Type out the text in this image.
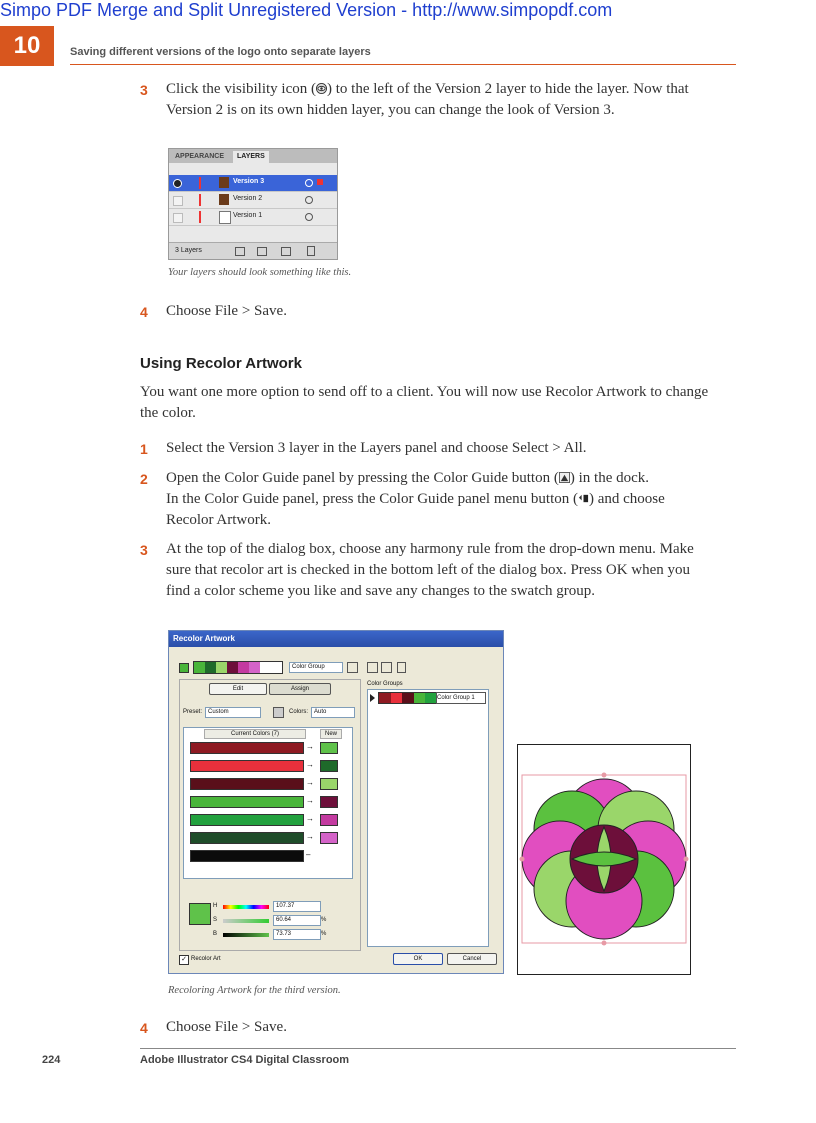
Simpo PDF Merge and Split Unregistered Version - http://www.simpopdf.com
10	Saving different versions of the logo onto separate layers
3 Click the visibility icon ( ) to the left of the Version 2 layer to hide the layer. Now that
Version 2 is on its own hidden layer, you can change the look of Version 3.
APPEARANCE	LAYERS
Version 3
Version 2
Version 1
3 Layers
Your layers should look something like this.
4 Choose File > Save.
Using Recolor Artwork
You want one more option to send off to a client. You will now use Recolor Artwork to change
the color.
1 Select the Version 3 layer in the Layers panel and choose Select > All.
2 Open the Color Guide panel by pressing the Color Guide button ( ) in the dock.
In the Color Guide panel, press the Color Guide panel menu button ( ) and choose
Recolor Artwork.
3 At the top of the dialog box, choose any harmony rule from the drop-down menu. Make
sure that recolor art is checked in the bottom left of the dialog box. Press OK when you
find a color scheme you like and save any changes to the swatch group.
Recolor Artwork
Color Group
Color Groups
Color Group 1
Edit	Assign
Preset: Custom	Colors: Auto
Current Colors (7)	New
→
→
→
→
→
→
–
H	107.37
S	60.64	%
B	73.73	%
✓ Recolor Art	OK	Cancel
Recoloring Artwork for the third version.
4 Choose File > Save.
224	Adobe Illustrator CS4 Digital Classroom
